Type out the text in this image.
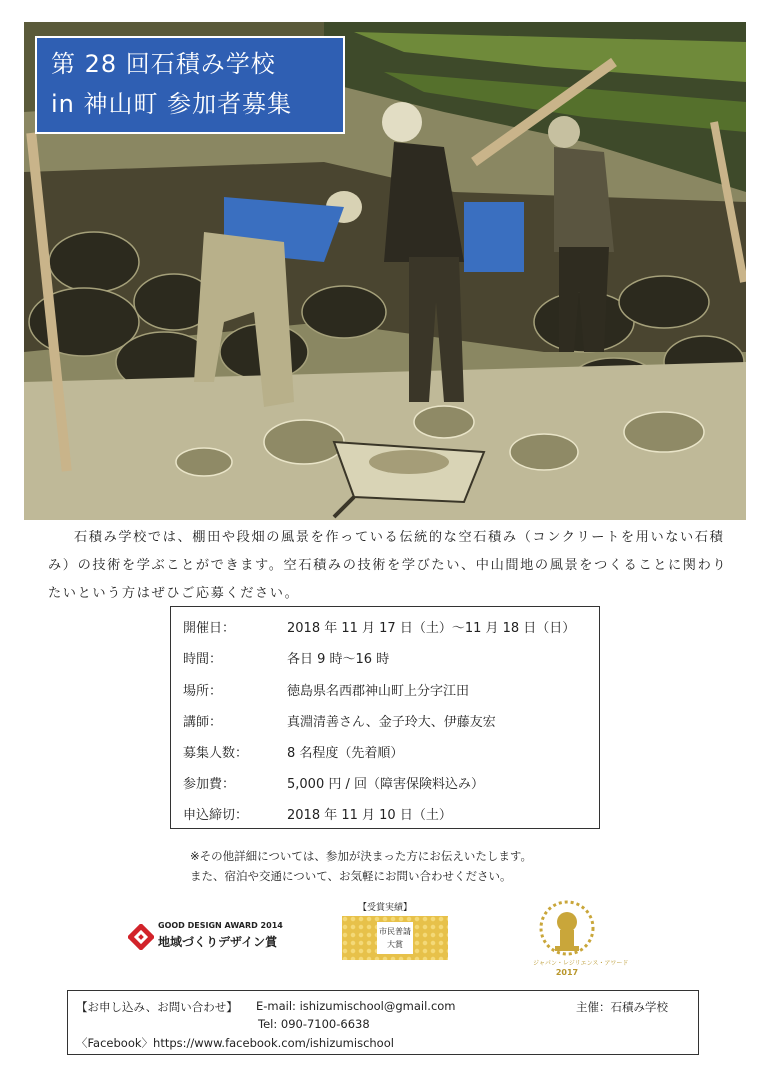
第 28 回石積み学校
in 神山町 参加者募集
石積み学校では、棚田や段畑の風景を作っている伝統的な空石積み（コンクリートを用いない石積み）の技術を学ぶことができます。空石積みの技術を学びたい、中山間地の風景をつくることに関わりたいという方はぜひご応募ください。
開催日：	2018 年 11 月 17 日（土）〜11 月 18 日（日）
時間：	各日 9 時〜16 時
場所：	徳島県名西郡神山町上分字江田
講師：	真淵清善さん、金子玲大、伊藤友宏
募集人数：	8 名程度（先着順）
参加費：	5,000 円 / 回（障害保険料込み）
申込締切：	2018 年 11 月 10 日（土）
※その他詳細については、参加が決まった方にお伝えいたします。
また、宿泊や交通について、お気軽にお問い合わせください。
【受賞実績】
GOOD DESIGN AWARD 2014
地域づくりデザイン賞
市民普請
大賞
ジャパン・レジリエンス・アワード
2017
【お申し込み、お問い合わせ】 E-mail: ishizumischool@gmail.com
Tel: 090-7100-6638
〈Facebook〉https://www.facebook.com/ishizumischool
主催：石積み学校
